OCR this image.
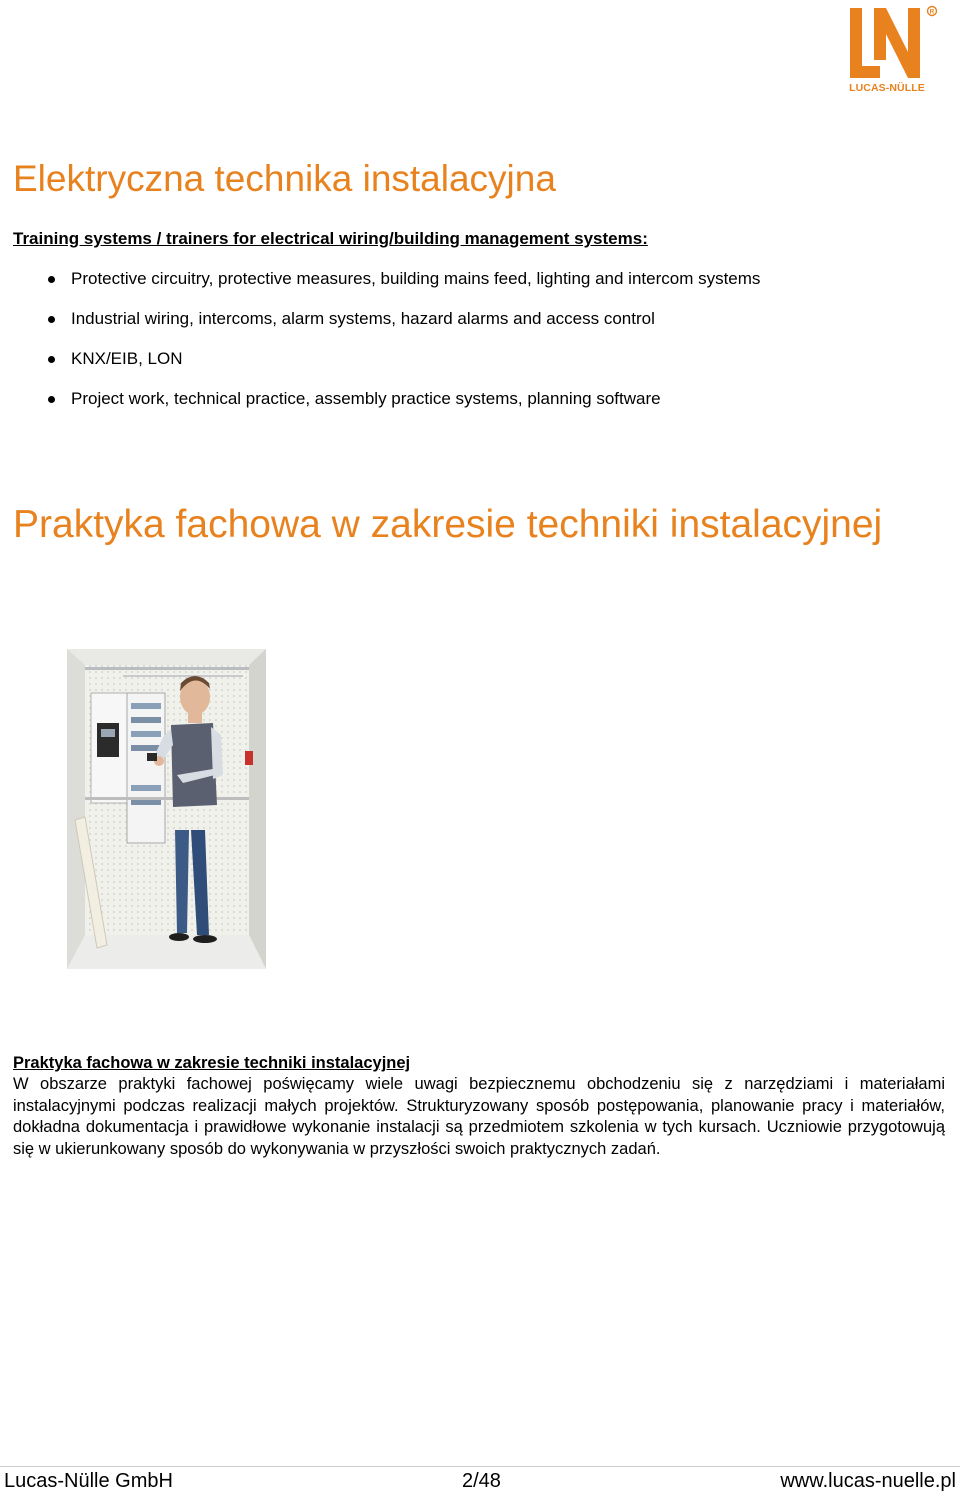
R
LUCAS-NÜLLE
Elektryczna technika instalacyjna

Training systems / trainers for electrical wiring/building management systems:

Protective circuitry, protective measures, building mains feed, lighting and intercom systems
Industrial wiring, intercoms, alarm systems, hazard alarms and access control
KNX/EIB, LON
Project work, technical practice, assembly practice systems, planning software
Praktyka fachowa w zakresie techniki instalacyjnej

Praktyka fachowa w zakresie techniki instalacyjnej

W obszarze praktyki fachowej poświęcamy wiele uwagi bezpiecznemu obchodzeniu się z narzędziami i materiałami instalacyjnymi podczas realizacji małych projektów. Strukturyzowany sposób postępowania, planowanie pracy i materiałów, dokładna dokumentacja i prawidłowe wykonanie instalacji są przedmiotem szkolenia w tych kursach. Uczniowie przygotowują się w ukierunkowany sposób do wykonywania w przyszłości swoich praktycznych zadań.

Lucas-Nülle GmbH	2/48	www.lucas-nuelle.pl
